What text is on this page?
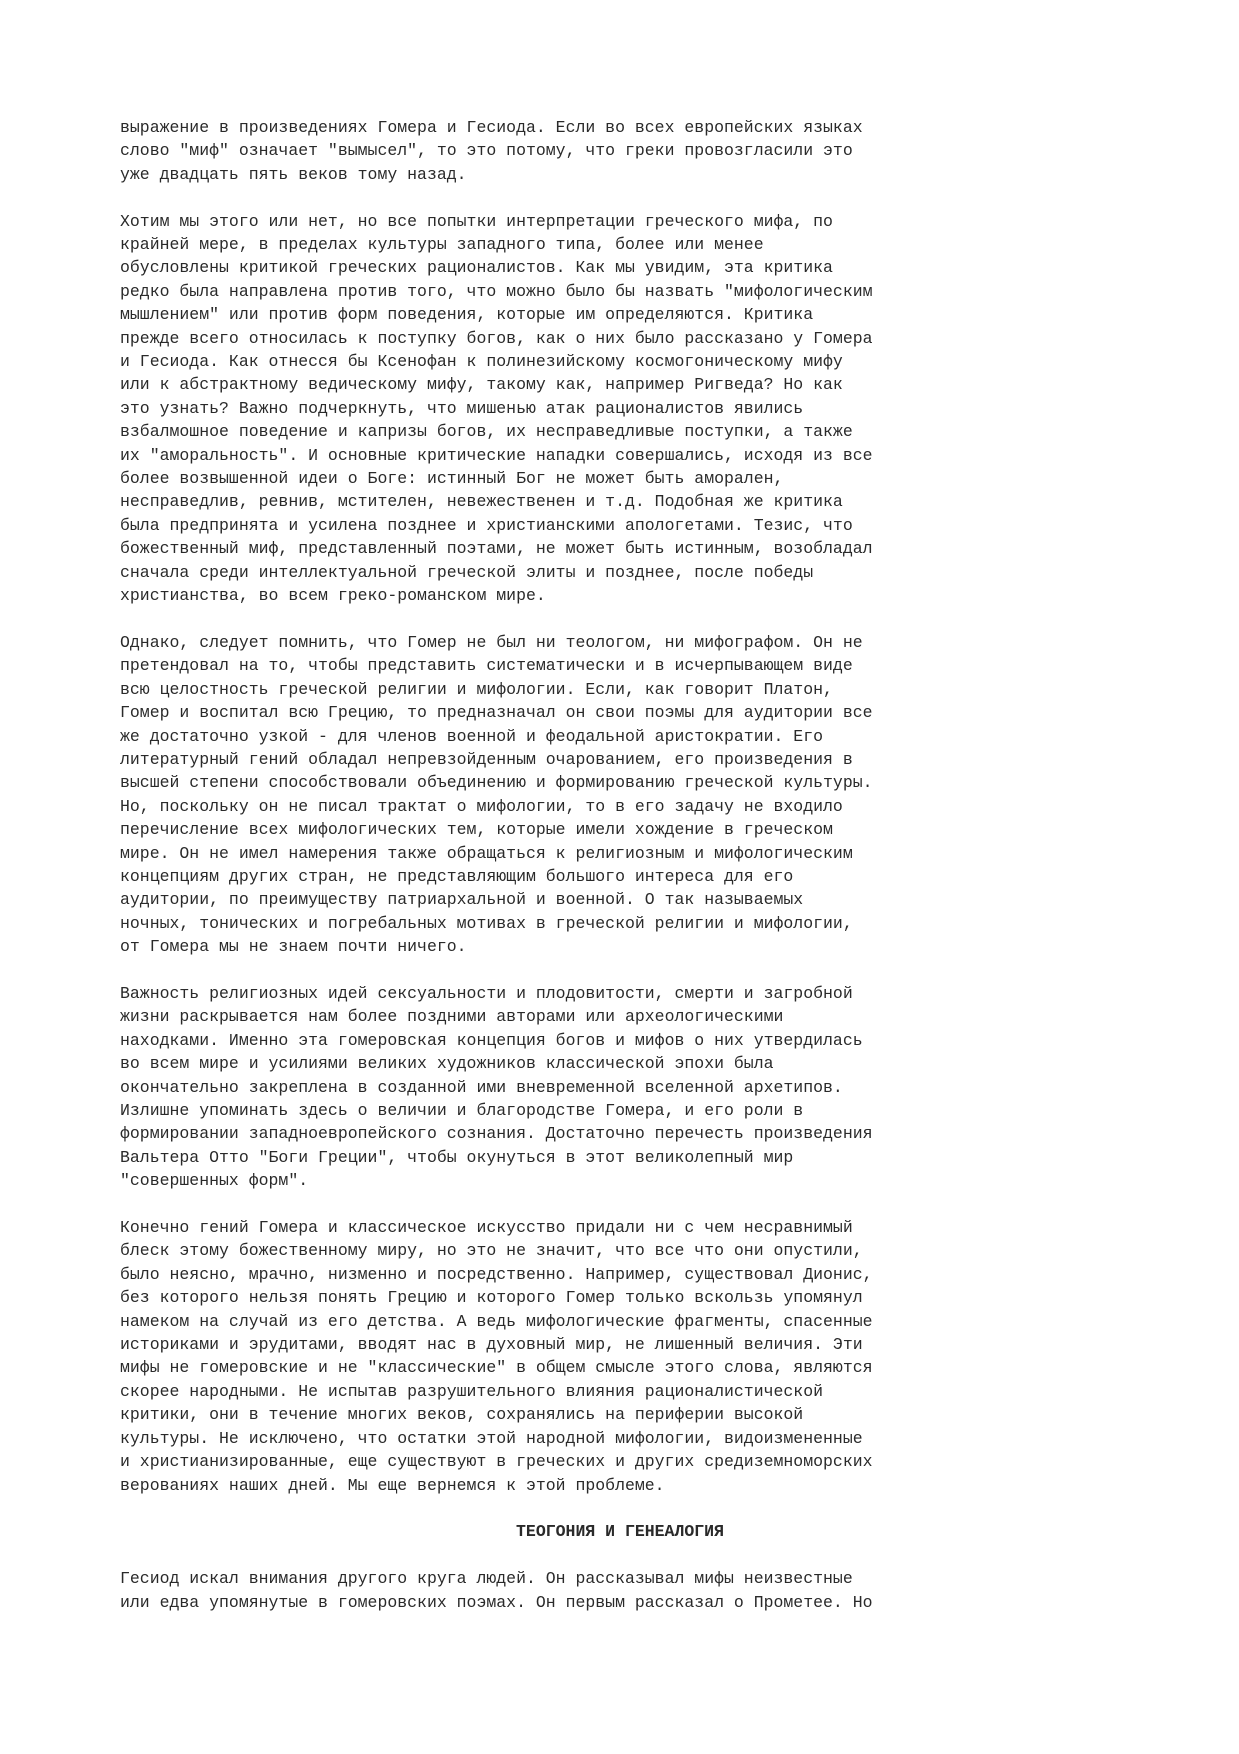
выражение в произведениях Гомера и Гесиода. Если во всех европейских языках
слово "миф" означает "вымысел", то это потому, что греки провозгласили это
уже двадцать пять веков тому назад.
Хотим мы этого или нет, но все попытки интерпретации греческого мифа, по
крайней мере, в пределах культуры западного типа, более или менее
обусловлены критикой греческих рационалистов. Как мы увидим, эта критика
редко была направлена против того, что можно было бы назвать "мифологическим
мышлением" или против форм поведения, которые им определяются. Критика
прежде всего относилась к поступку богов, как о них было рассказано у Гомера
и Гесиода. Как отнесся бы Ксенофан к полинезийскому космогоническому мифу
или к абстрактному ведическому мифу, такому как, например Ригведа? Но как
это узнать? Важно подчеркнуть, что мишенью атак рационалистов явились
взбалмошное поведение и капризы богов, их несправедливые поступки, а также
их "аморальность". И основные критические нападки совершались, исходя из все
более возвышенной идеи о Боге: истинный Бог не может быть аморален,
несправедлив, ревнив, мстителен, невежественен и т.д. Подобная же критика
была предпринята и усилена позднее и христианскими апологетами. Тезис, что
божественный миф, представленный поэтами, не может быть истинным, возобладал
сначала среди интеллектуальной греческой элиты и позднее, после победы
христианства, во всем греко-романском мире.
Однако, следует помнить, что Гомер не был ни теологом, ни мифографом. Он не
претендовал на то, чтобы представить систематически и в исчерпывающем виде
всю целостность греческой религии и мифологии. Если, как говорит Платон,
Гомер и воспитал всю Грецию, то предназначал он свои поэмы для аудитории все
же достаточно узкой - для членов военной и феодальной аристократии. Его
литературный гений обладал непревзойденным очарованием, его произведения в
высшей степени способствовали объединению и формированию греческой культуры.
Но, поскольку он не писал трактат о мифологии, то в его задачу не входило
перечисление всех мифологических тем, которые имели хождение в греческом
мире. Он не имел намерения также обращаться к религиозным и мифологическим
концепциям других стран, не представляющим большого интереса для его
аудитории, по преимуществу патриархальной и военной. О так называемых
ночных, тонических и погребальных мотивах в греческой религии и мифологии,
от Гомера мы не знаем почти ничего.
Важность религиозных идей сексуальности и плодовитости, смерти и загробной
жизни раскрывается нам более поздними авторами или археологическими
находками. Именно эта гомеровская концепция богов и мифов о них утвердилась
во всем мире и усилиями великих художников классической эпохи была
окончательно закреплена в созданной ими вневременной вселенной архетипов.
Излишне упоминать здесь о величии и благородстве Гомера, и его роли в
формировании западноевропейского сознания. Достаточно перечесть произведения
Вальтера Отто "Боги Греции", чтобы окунуться в этот великолепный мир
"совершенных форм".
Конечно гений Гомера и классическое искусство придали ни с чем несравнимый
блеск этому божественному миру, но это не значит, что все что они опустили,
было неясно, мрачно, низменно и посредственно. Например, существовал Дионис,
без которого нельзя понять Грецию и которого Гомер только вскользь упомянул
намеком на случай из его детства. А ведь мифологические фрагменты, спасенные
историками и эрудитами, вводят нас в духовный мир, не лишенный величия. Эти
мифы не гомеровские и не "классические" в общем смысле этого слова, являются
скорее народными. Не испытав разрушительного влияния рационалистической
критики, они в течение многих веков, сохранялись на периферии высокой
культуры. Не исключено, что остатки этой народной мифологии, видоизмененные
и христианизированные, еще существуют в греческих и других средиземноморских
верованиях наших дней. Мы еще вернемся к этой проблеме.
ТЕОГОНИЯ И ГЕНЕАЛОГИЯ
Гесиод искал внимания другого круга людей. Он рассказывал мифы неизвестные
или едва упомянутые в гомеровских поэмах. Он первым рассказал о Прометее. Но
